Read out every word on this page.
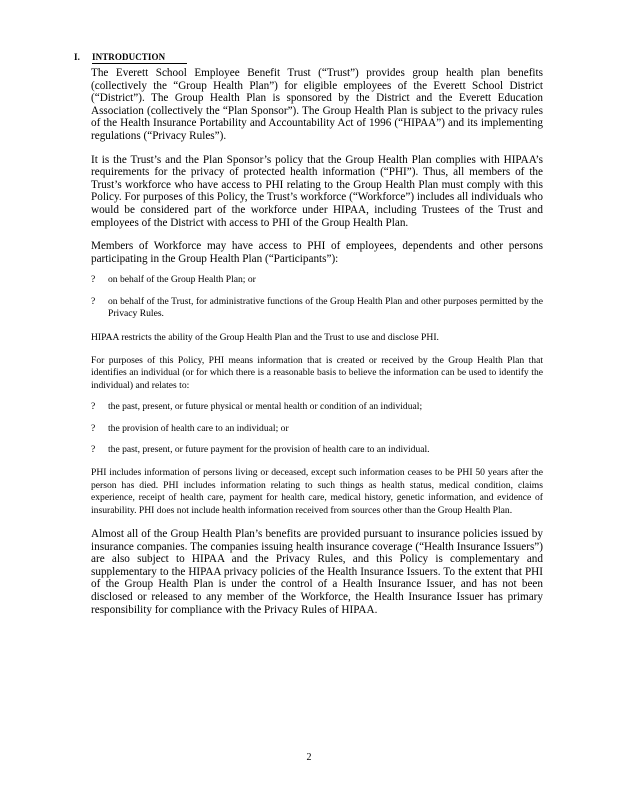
I. INTRODUCTION

The Everett School Employee Benefit Trust (“Trust”) provides group health plan benefits (collectively the “Group Health Plan”) for eligible employees of the Everett School District (“District”). The Group Health Plan is sponsored by the District and the Everett Education Association (collectively the “Plan Sponsor”). The Group Health Plan is subject to the privacy rules of the Health Insurance Portability and Accountability Act of 1996 (“HIPAA”) and its implementing regulations (“Privacy Rules”).

It is the Trust’s and the Plan Sponsor’s policy that the Group Health Plan complies with HIPAA’s requirements for the privacy of protected health information (“PHI”). Thus, all members of the Trust’s workforce who have access to PHI relating to the Group Health Plan must comply with this Policy. For purposes of this Policy, the Trust’s workforce (“Workforce”) includes all individuals who would be considered part of the workforce under HIPAA, including Trustees of the Trust and employees of the District with access to PHI of the Group Health Plan.

Members of Workforce may have access to PHI of employees, dependents and other persons participating in the Group Health Plan (“Participants”):

? on behalf of the Group Health Plan; or
? on behalf of the Trust, for administrative functions of the Group Health Plan and other purposes permitted by the Privacy Rules.

HIPAA restricts the ability of the Group Health Plan and the Trust to use and disclose PHI.

For purposes of this Policy, PHI means information that is created or received by the Group Health Plan that identifies an individual (or for which there is a reasonable basis to believe the information can be used to identify the individual) and relates to:

? the past, present, or future physical or mental health or condition of an individual;
? the provision of health care to an individual; or
? the past, present, or future payment for the provision of health care to an individual.

PHI includes information of persons living or deceased, except such information ceases to be PHI 50 years after the person has died. PHI includes information relating to such things as health status, medical condition, claims experience, receipt of health care, payment for health care, medical history, genetic information, and evidence of insurability. PHI does not include health information received from sources other than the Group Health Plan.

Almost all of the Group Health Plan’s benefits are provided pursuant to insurance policies issued by insurance companies. The companies issuing health insurance coverage (“Health Insurance Issuers”) are also subject to HIPAA and the Privacy Rules, and this Policy is complementary and supplementary to the HIPAA privacy policies of the Health Insurance Issuers. To the extent that PHI of the Group Health Plan is under the control of a Health Insurance Issuer, and has not been disclosed or released to any member of the Workforce, the Health Insurance Issuer has primary responsibility for compliance with the Privacy Rules of HIPAA.

2
